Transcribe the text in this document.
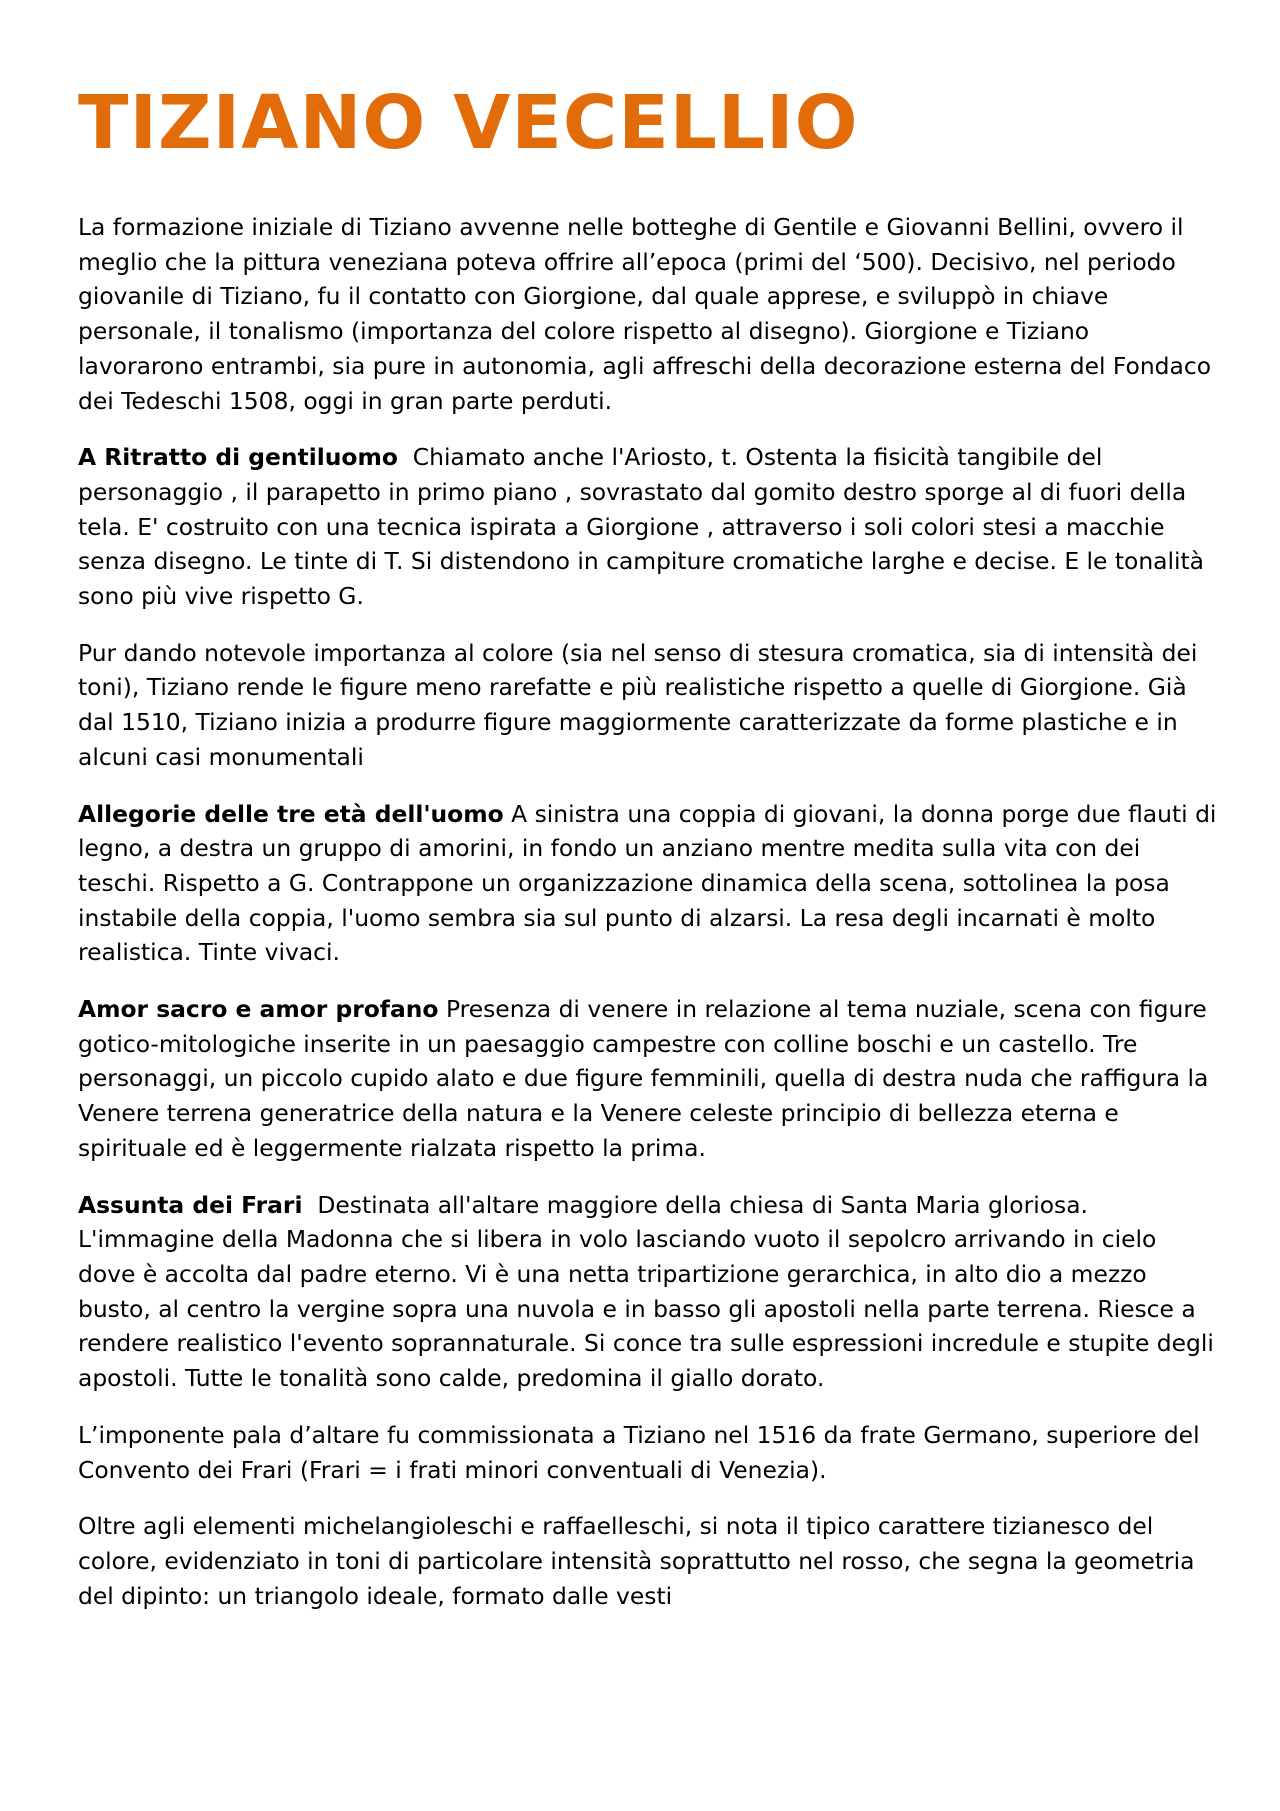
TIZIANO VECELLIO

La formazione iniziale di Tiziano avvenne nelle botteghe di Gentile e Giovanni Bellini, ovvero il meglio che la pittura veneziana poteva offrire all’epoca (primi del ‘500). Decisivo, nel periodo giovanile di Tiziano, fu il contatto con Giorgione, dal quale apprese, e sviluppò in chiave personale, il tonalismo (importanza del colore rispetto al disegno). Giorgione e Tiziano lavorarono entrambi, sia pure in autonomia, agli affreschi della decorazione esterna del Fondaco dei Tedeschi 1508, oggi in gran parte perduti.

A Ritratto di gentiluomo Chiamato anche l'Ariosto, t. Ostenta la fisicità tangibile del personaggio , il parapetto in primo piano , sovrastato dal gomito destro sporge al di fuori della tela. E' costruito con una tecnica ispirata a Giorgione , attraverso i soli colori stesi a macchie senza disegno. Le tinte di T. Si distendono in campiture cromatiche larghe e decise. E le tonalità sono più vive rispetto G.

Pur dando notevole importanza al colore (sia nel senso di stesura cromatica, sia di intensità dei toni), Tiziano rende le figure meno rarefatte e più realistiche rispetto a quelle di Giorgione. Già dal 1510, Tiziano inizia a produrre figure maggiormente caratterizzate da forme plastiche e in alcuni casi monumentali

Allegorie delle tre età dell'uomo A sinistra una coppia di giovani, la donna porge due flauti di legno, a destra un gruppo di amorini, in fondo un anziano mentre medita sulla vita con dei teschi. Rispetto a G. Contrappone un organizzazione dinamica della scena, sottolinea la posa instabile della coppia, l'uomo sembra sia sul punto di alzarsi. La resa degli incarnati è molto realistica. Tinte vivaci.

Amor sacro e amor profano Presenza di venere in relazione al tema nuziale, scena con figure gotico-mitologiche inserite in un paesaggio campestre con colline boschi e un castello. Tre personaggi, un piccolo cupido alato e due figure femminili, quella di destra nuda che raffigura la Venere terrena generatrice della natura e la Venere celeste principio di bellezza eterna e spirituale ed è leggermente rialzata rispetto la prima.

Assunta dei Frari Destinata all'altare maggiore della chiesa di Santa Maria gloriosa. L'immagine della Madonna che si libera in volo lasciando vuoto il sepolcro arrivando in cielo dove è accolta dal padre eterno. Vi è una netta tripartizione gerarchica, in alto dio a mezzo busto, al centro la vergine sopra una nuvola e in basso gli apostoli nella parte terrena. Riesce a rendere realistico l'evento soprannaturale. Si conce tra sulle espressioni incredule e stupite degli apostoli. Tutte le tonalità sono calde, predomina il giallo dorato.

L’imponente pala d’altare fu commissionata a Tiziano nel 1516 da frate Germano, superiore del Convento dei Frari (Frari = i frati minori conventuali di Venezia).

Oltre agli elementi michelangioleschi e raffaelleschi, si nota il tipico carattere tizianesco del colore, evidenziato in toni di particolare intensità soprattutto nel rosso, che segna la geometria del dipinto: un triangolo ideale, formato dalle vesti
